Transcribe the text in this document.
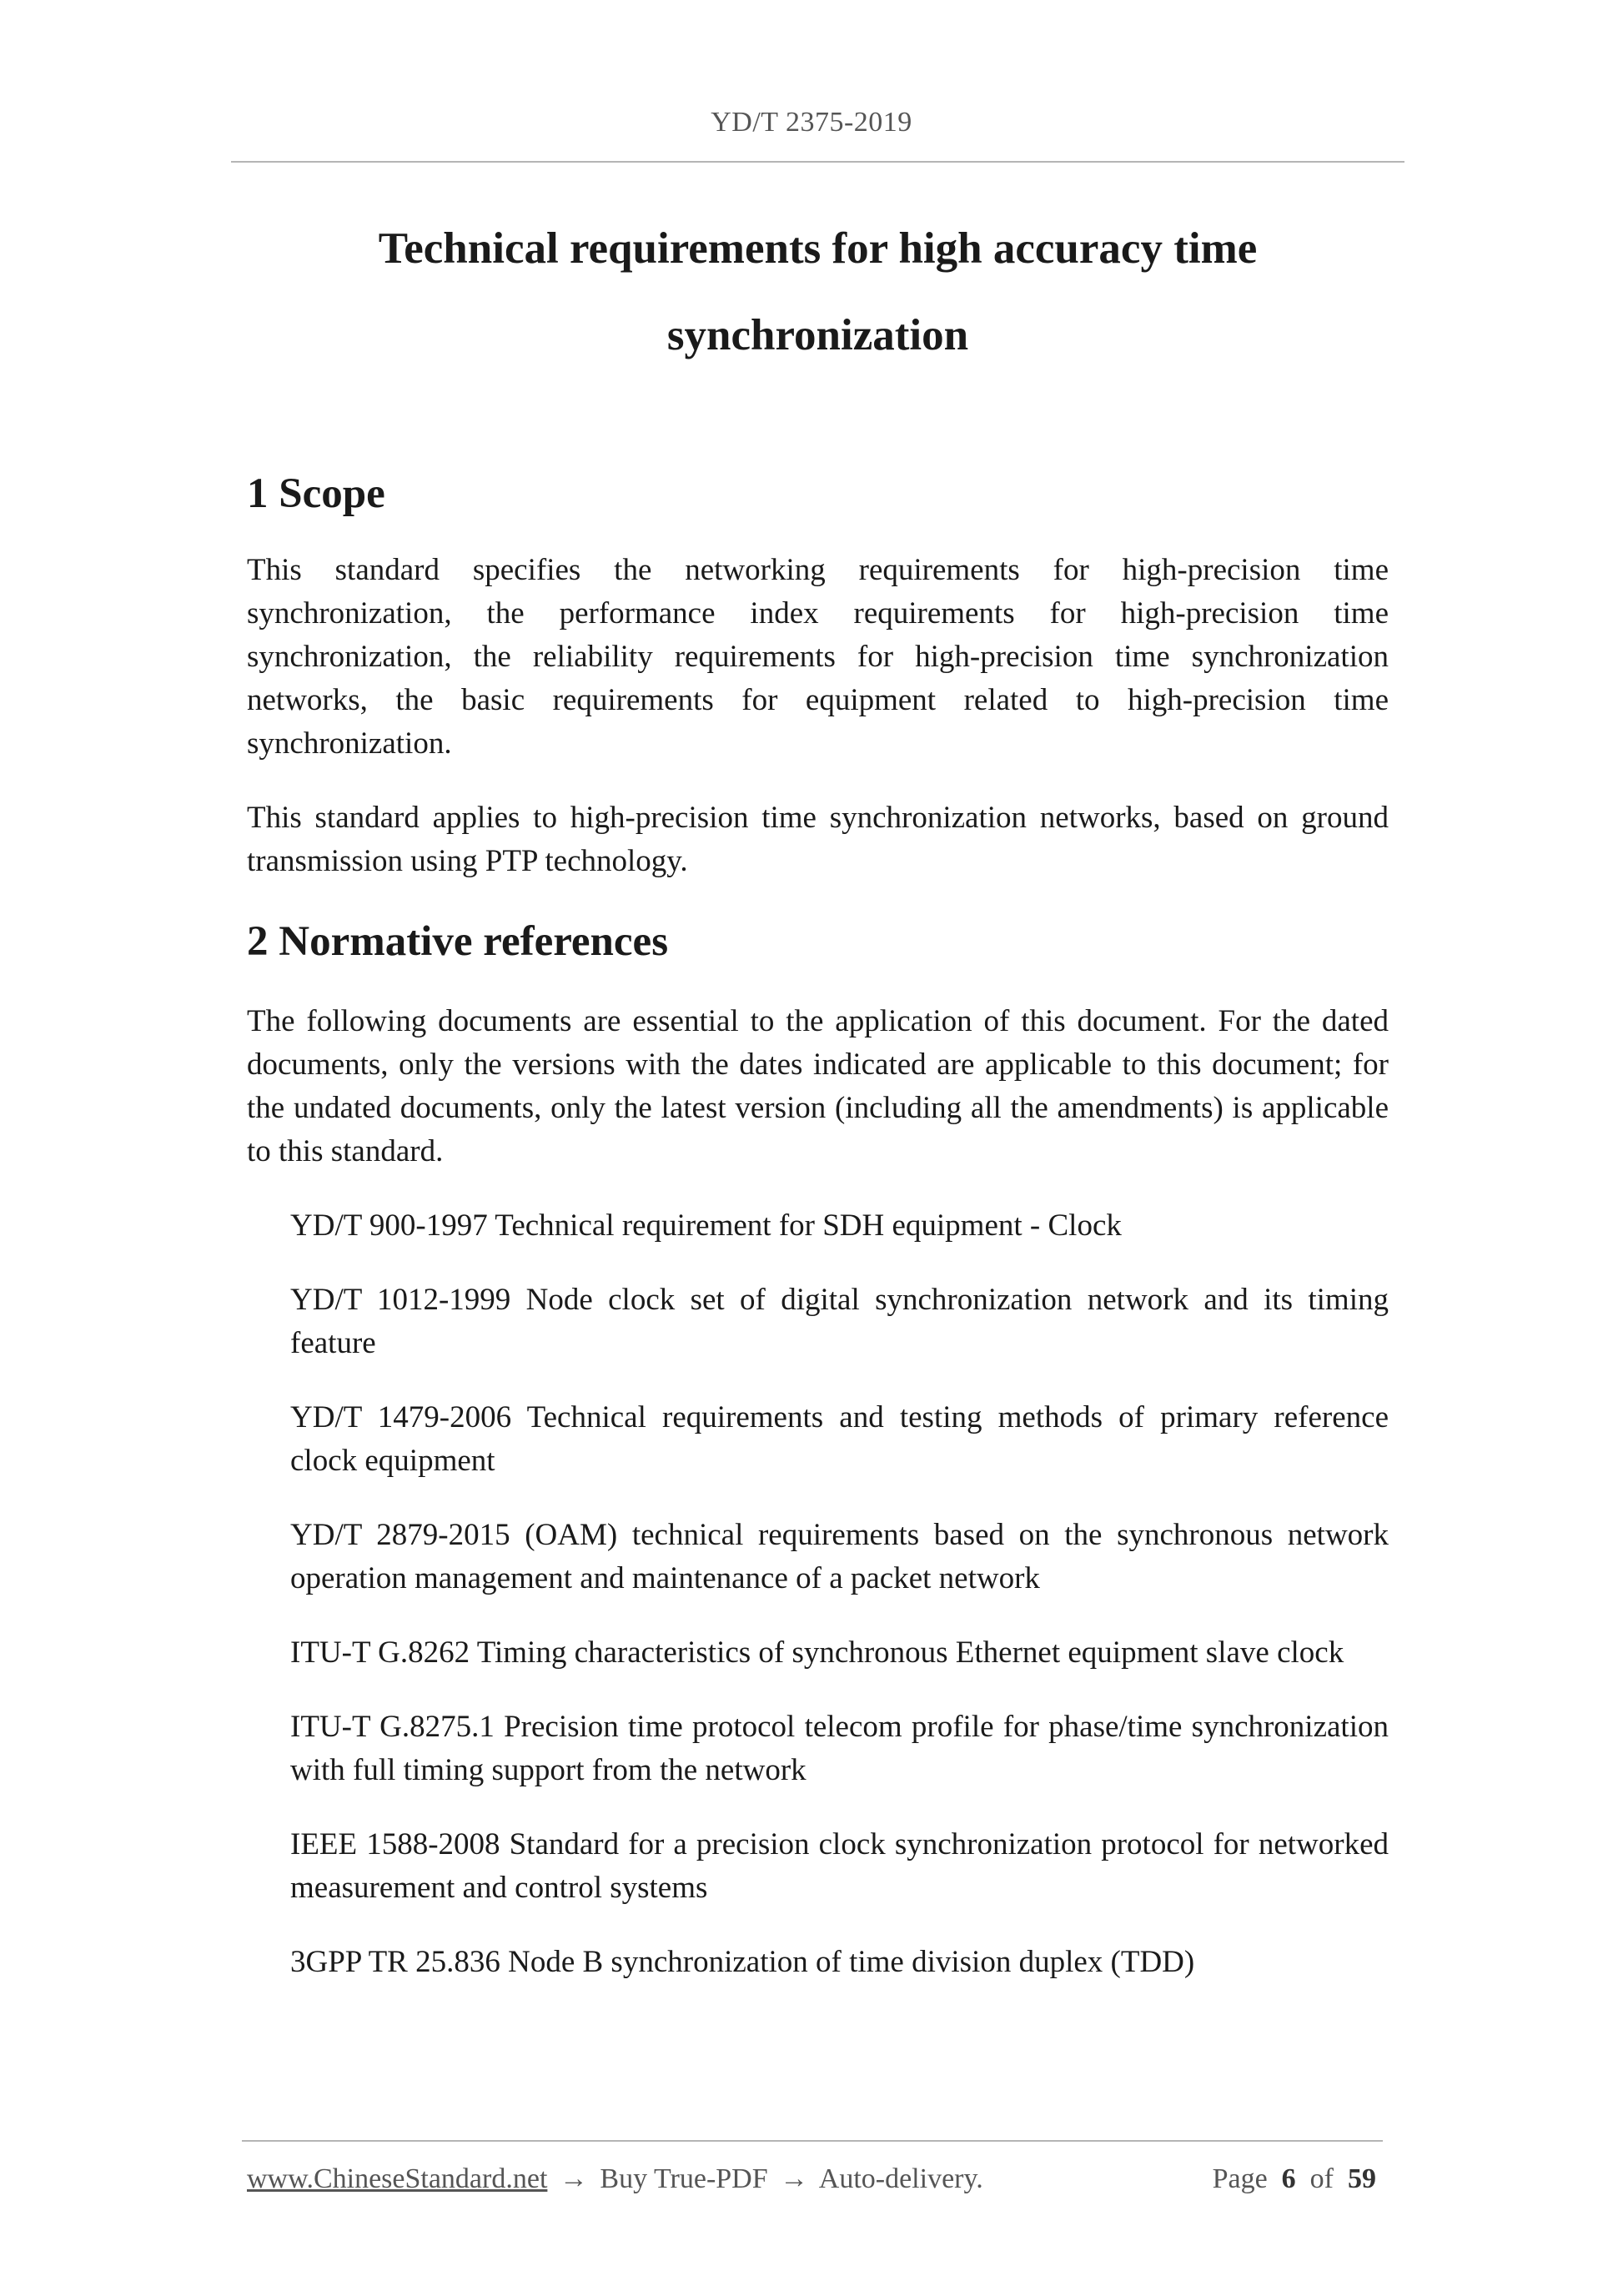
YD/T 2375-2019
Technical requirements for high accuracy time
synchronization
1 Scope

This standard specifies the networking requirements for high-precision time synchronization, the performance index requirements for high-precision time synchronization, the reliability requirements for high-precision time synchronization networks, the basic requirements for equipment related to high-precision time synchronization.

This standard applies to high-precision time synchronization networks, based on ground transmission using PTP technology.

2 Normative references

The following documents are essential to the application of this document. For the dated documents, only the versions with the dates indicated are applicable to this document; for the undated documents, only the latest version (including all the amendments) is applicable to this standard.

YD/T 900-1997 Technical requirement for SDH equipment - Clock

YD/T 1012-1999 Node clock set of digital synchronization network and its timing feature

YD/T 1479-2006 Technical requirements and testing methods of primary reference clock equipment

YD/T 2879-2015 (OAM) technical requirements based on the synchronous network operation management and maintenance of a packet network

ITU-T G.8262 Timing characteristics of synchronous Ethernet equipment slave clock

ITU-T G.8275.1 Precision time protocol telecom profile for phase/time synchronization with full timing support from the network

IEEE 1588-2008 Standard for a precision clock synchronization protocol for networked measurement and control systems

3GPP TR 25.836 Node B synchronization of time division duplex (TDD)

www.ChineseStandard.net → Buy True-PDF → Auto-delivery.	Page 6 of 59
